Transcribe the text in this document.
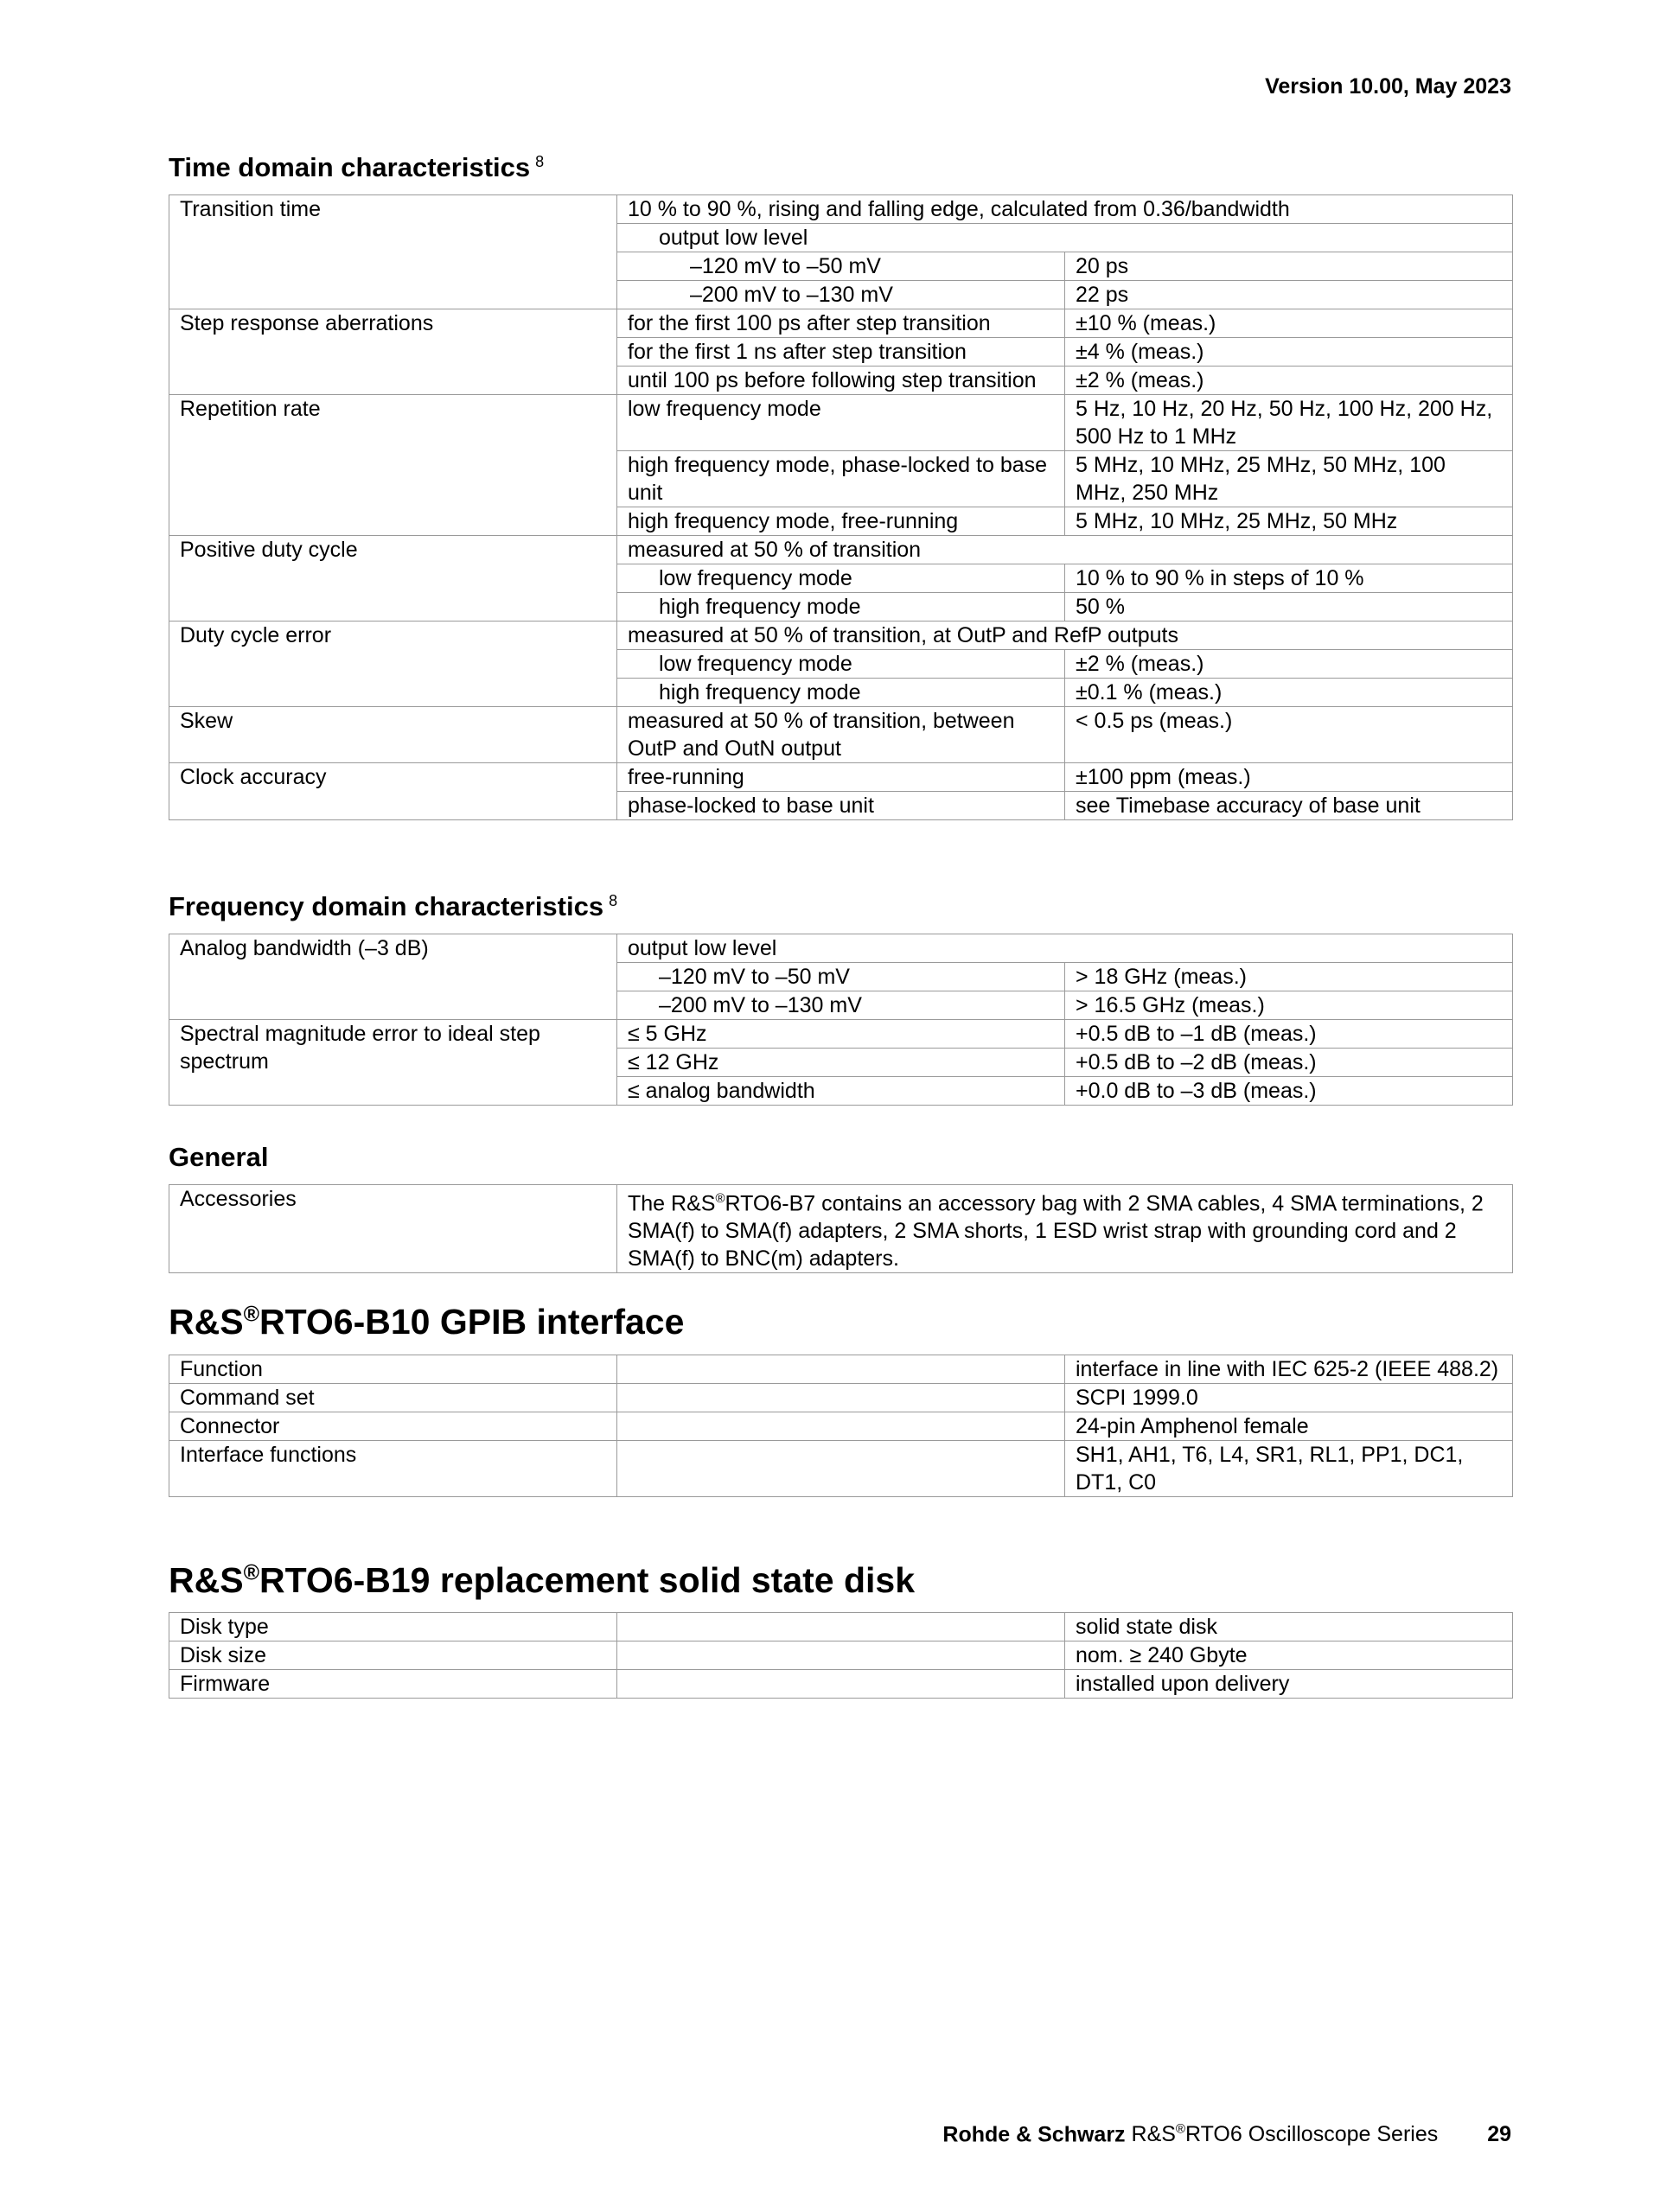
Version 10.00, May 2023
Time domain characteristics $^8$
Transition time	10 % to 90 %, rising and falling edge, calculated from 0.36/bandwidth	
	output low level	
	–120 mV to –50 mV	20 ps
	–200 mV to –130 mV	22 ps
Step response aberrations	for the first 100 ps after step transition	±10 % (meas.)
	for the first 1 ns after step transition	±4 % (meas.)
	until 100 ps before following step transition	±2 % (meas.)
Repetition rate	low frequency mode	5 Hz, 10 Hz, 20 Hz, 50 Hz, 100 Hz, 200 Hz, 500 Hz to 1 MHz
	high frequency mode, phase-locked to base unit	5 MHz, 10 MHz, 25 MHz, 50 MHz, 100 MHz, 250 MHz
	high frequency mode, free-running	5 MHz, 10 MHz, 25 MHz, 50 MHz
Positive duty cycle	measured at 50 % of transition	
	low frequency mode	10 % to 90 % in steps of 10 %
	high frequency mode	50 %
Duty cycle error	measured at 50 % of transition, at OutP and RefP outputs	
	low frequency mode	±2 % (meas.)
	high frequency mode	±0.1 % (meas.)
Skew	measured at 50 % of transition, between OutP and OutN output	< 0.5 ps (meas.)
Clock accuracy	free-running	±100 ppm (meas.)
	phase-locked to base unit	see Timebase accuracy of base unit
Frequency domain characteristics $^8$
Analog bandwidth (–3 dB)	output low level	
	–120 mV to –50 mV	> 18 GHz (meas.)
	–200 mV to –130 mV	> 16.5 GHz (meas.)
Spectral magnitude error to ideal step spectrum	≤ 5 GHz	+0.5 dB to –1 dB (meas.)
	≤ 12 GHz	+0.5 dB to –2 dB (meas.)
	≤ analog bandwidth	+0.0 dB to –3 dB (meas.)
General
Accessories	The R&S®RTO6-B7 contains an accessory bag with 2 SMA cables, 4 SMA terminations, 2 SMA(f) to SMA(f) adapters, 2 SMA shorts, 1 ESD wrist strap with grounding cord and 2 SMA(f) to BNC(m) adapters.
R&S®RTO6-B10 GPIB interface
Function		interface in line with IEC 625-2 (IEEE 488.2)
Command set		SCPI 1999.0
Connector		24-pin Amphenol female
Interface functions		SH1, AH1, T6, L4, SR1, RL1, PP1, DC1, DT1, C0
R&S®RTO6-B19 replacement solid state disk
Disk type		solid state disk
Disk size		nom. ≥ 240 Gbyte
Firmware		installed upon delivery
Rohde & Schwarz R&S®RTO6 Oscilloscope Series 29
